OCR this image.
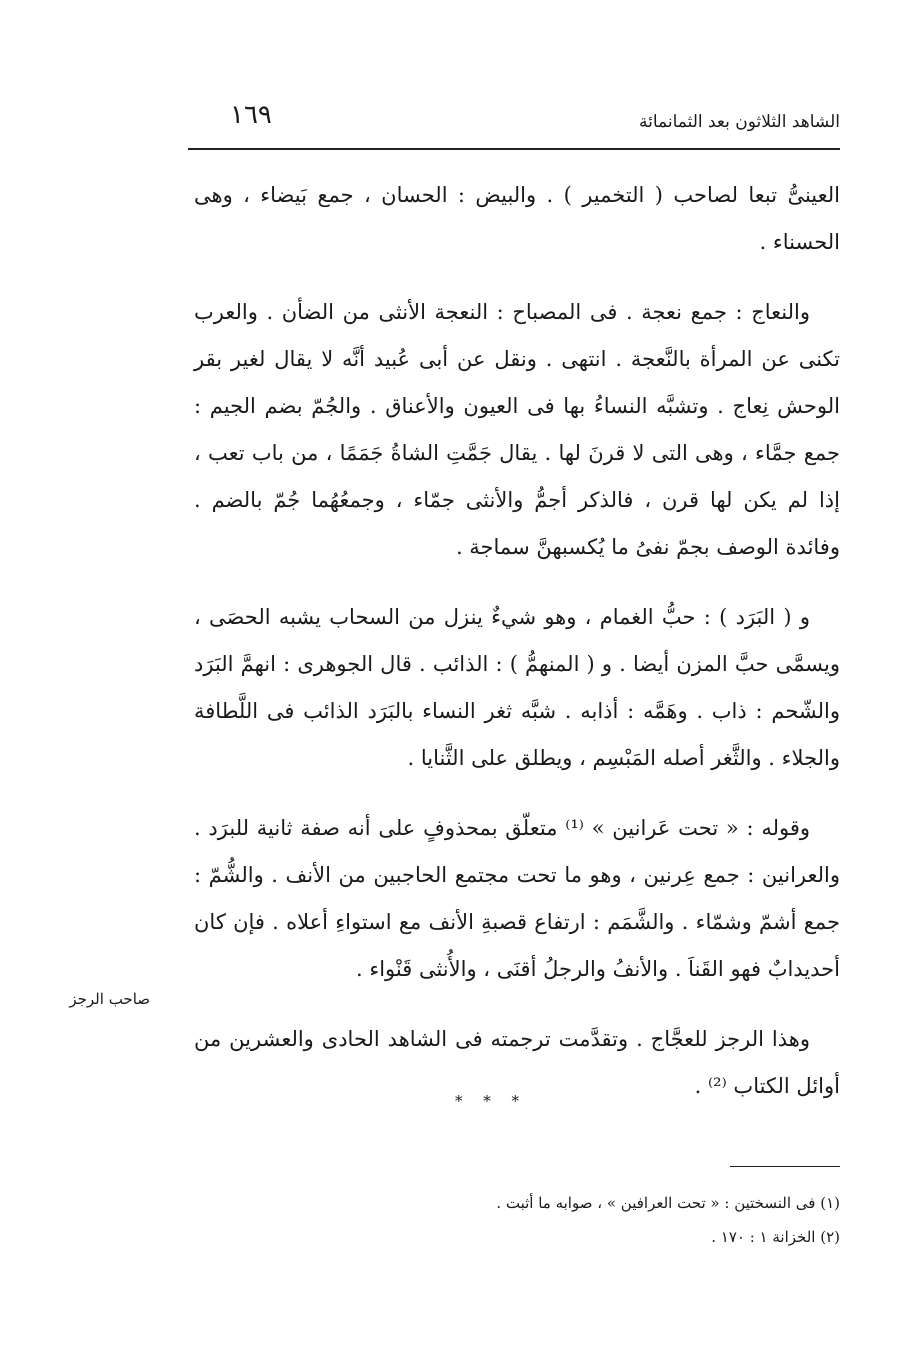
الشاهد الثلاثون بعد الثمانمائة
١٦٩

العينىُّ تبعا لصاحب ( التخمير ) . والبيض : الحسان ، جمع بَيضاء ، وهى الحسناء .

والنعاج : جمع نعجة . فى المصباح : النعجة الأنثى من الضأن . والعرب تكنى عن المرأة بالنَّعجة . انتهى . ونقل عن أبى عُبيد أنَّه لا يقال لغير بقر الوحش نِعاج . وتشبَّه النساءُ بها فى العيون والأعناق . والجُمّ بضم الجيم : جمع جمَّاء ، وهى التى لا قرنَ لها . يقال جَمَّتِ الشاةُ جَمَمًا ، من باب تعب ، إذا لم يكن لها قرن ، فالذكر أجمُّ والأنثى جمّاء ، وجمعُهُما جُمّ بالضم . وفائدة الوصف بجمّ نفىُ ما يُكسبهنَّ سماجة .

و ( البَرَد ) : حبُّ الغمام ، وهو شيءٌ ينزل من السحاب يشبه الحصَى ، ويسمَّى حبَّ المزن أيضا . و ( المنهمُّ ) : الذائب . قال الجوهرى : انهمَّ البَرَد والشّحم : ذاب . وهَمَّه : أذابه . شبَّه ثغر النساء بالبَرَد الذائب فى اللَّطافة والجلاء . والثَّغر أصله المَبْسِم ، ويطلق على الثَّنايا .

وقوله : « تحت عَرانين » ⁽¹⁾ متعلّق بمحذوفٍ على أنه صفة ثانية للبرَد . والعرانين : جمع عِرنين ، وهو ما تحت مجتمع الحاجبين من الأنف . والشُّمّ : جمع أشمّ وشمّاء . والشَّمَم : ارتفاع قصبةِ الأنف مع استواءِ أعلاه . فإن كان أحديدابٌ فهو القَناَ . والأنفُ والرجلُ أقنَى ، والأُنثى قَنْواء .

وهذا الرجز للعجَّاج . وتقدَّمت ترجمته فى الشاهد الحادى والعشرين من أوائل الكتاب ⁽²⁾ .

صاحب الرجز
* * *

(١) فى النسختين : « تحت العرافين » ، صوابه ما أثبت .

(٢) الخزانة ١ : ١٧٠ .
